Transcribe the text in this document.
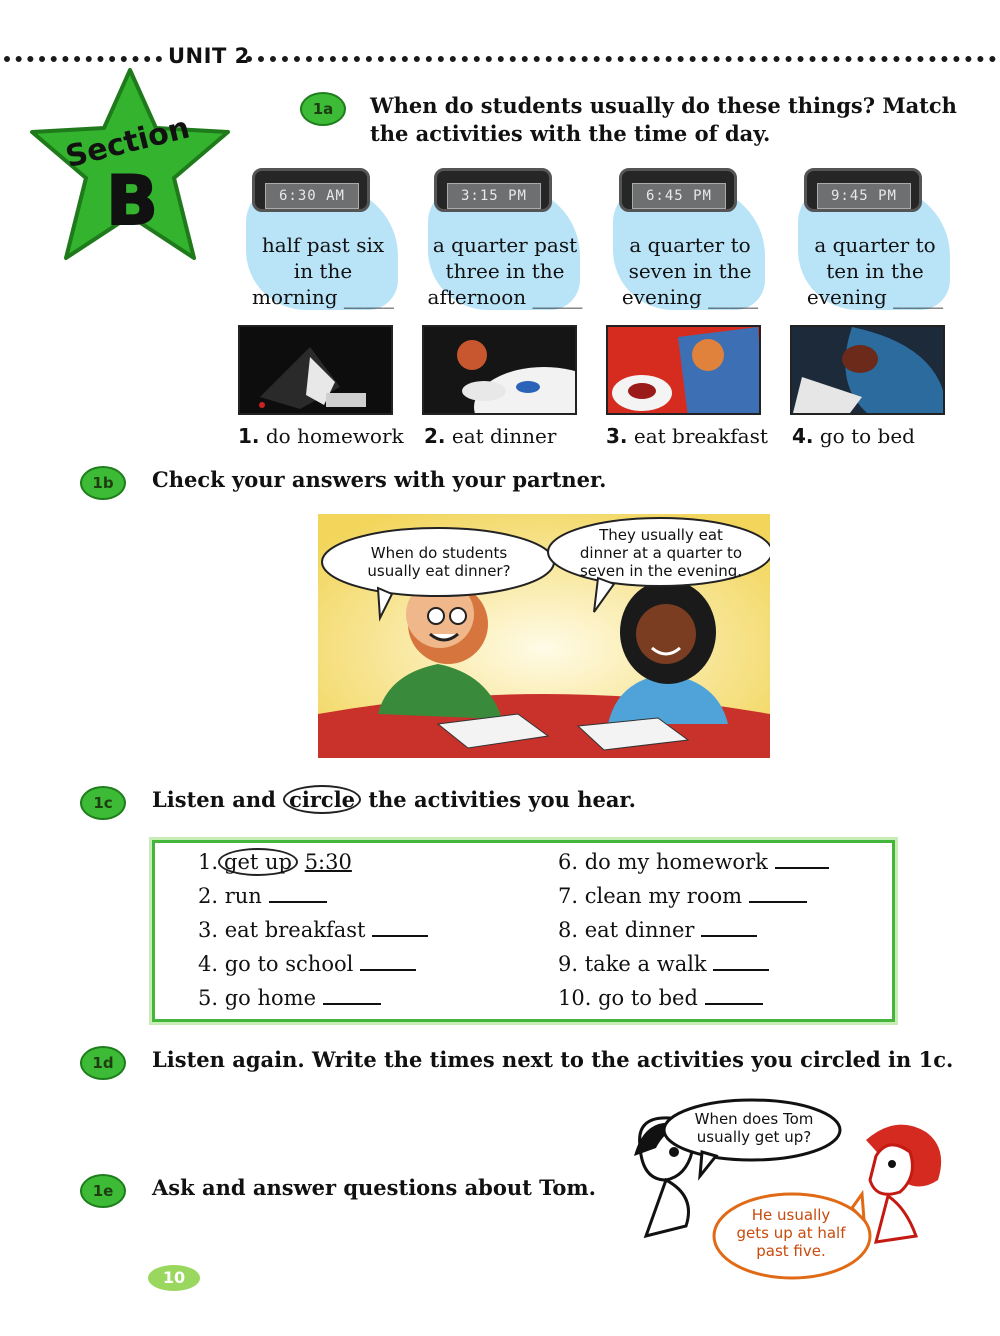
UNIT 2
Section
B
1a	When do students usually do these things? Match
the activities with the time of day.
6:30 AM
half past six
in the
morning _____
3:15 PM
a quarter past
three in the
afternoon _____
6:45 PM
a quarter to
seven in the
evening _____
9:45 PM
a quarter to
ten in the
evening _____
1. do homework 2. eat dinner 3. eat breakfast 4. go to bed
1b	Check your answers with your partner.
When do students
usually eat dinner?
They usually eat
dinner at a quarter to
seven in the evening.
1c	Listen and circle the activities you hear.
1. get up 5:30
2. run
3. eat breakfast
4. go to school
5. go home
6. do my homework
7. clean my room
8. eat dinner
9. take a walk
10. go to bed
1d	Listen again. Write the times next to the activities you circled in 1c.
1e	Ask and answer questions about Tom.
When does Tom
usually get up?
He usually
gets up at half
past five.
10
